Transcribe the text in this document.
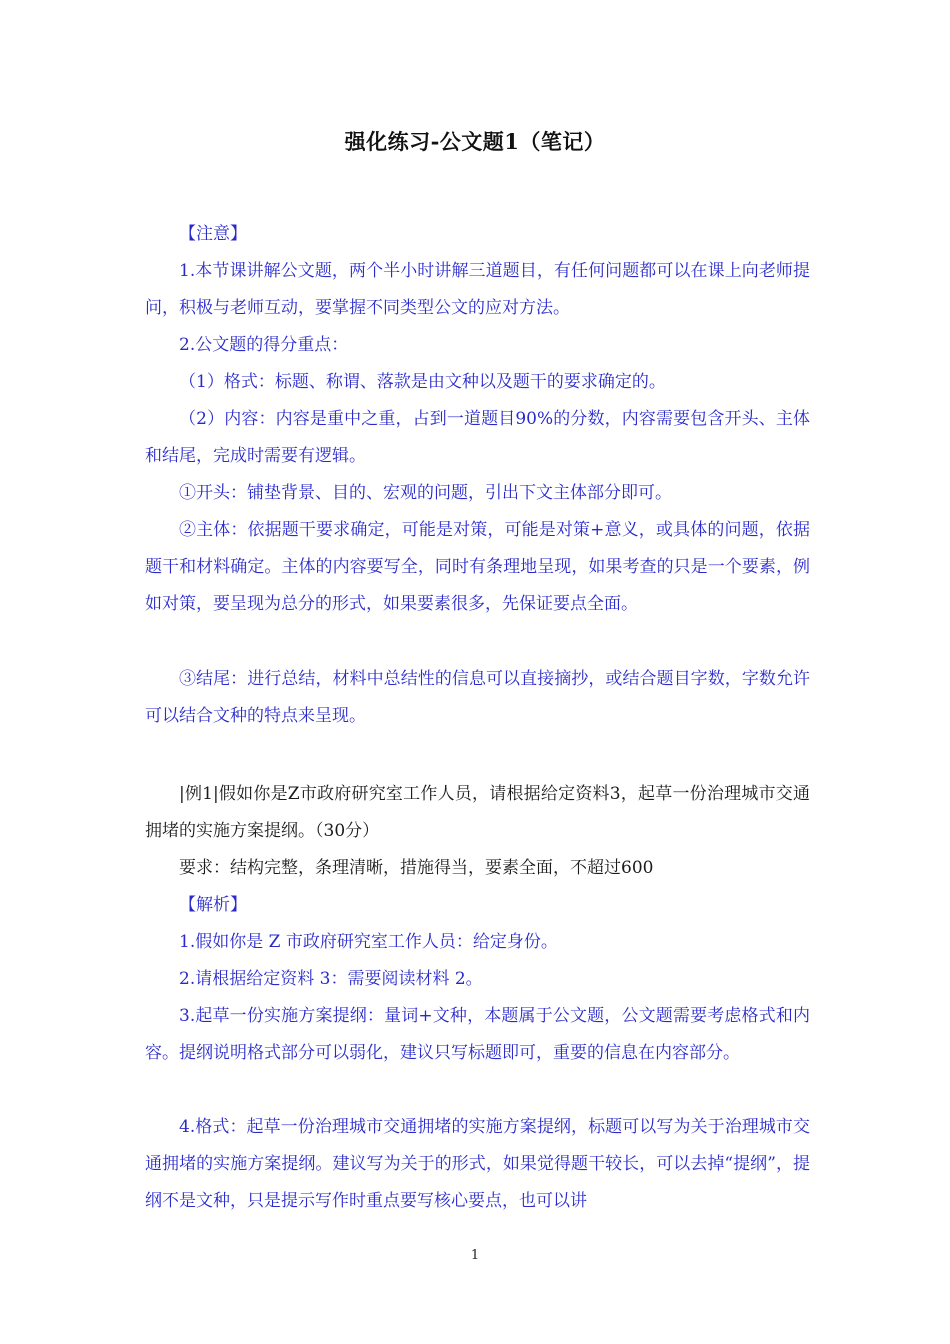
强化练习-公文题1（笔记）
【注意】
1.本节课讲解公文题，两个半小时讲解三道题目，有任何问题都可以在课上向老师提问，积极与老师互动，要掌握不同类型公文的应对方法。
2.公文题的得分重点：
（1）格式：标题、称谓、落款是由文种以及题干的要求确定的。
（2）内容：内容是重中之重，占到一道题目90%的分数，内容需要包含开头、主体和结尾，完成时需要有逻辑。
①开头：铺垫背景、目的、宏观的问题，引出下文主体部分即可。
②主体：依据题干要求确定，可能是对策，可能是对策+意义，或具体的问题，依据题干和材料确定。主体的内容要写全，同时有条理地呈现，如果考查的只是一个要素，例如对策，要呈现为总分的形式，如果要素很多，先保证要点全面。
③结尾：进行总结，材料中总结性的信息可以直接摘抄，或结合题目字数，字数允许可以结合文种的特点来呈现。
|例1|假如你是Z市政府研究室工作人员，请根据给定资料3，起草一份治理城市交通拥堵的实施方案提纲。（30分）
要求：结构完整，条理清晰，措施得当，要素全面，不超过600
【解析】
1.假如你是 Z 市政府研究室工作人员：给定身份。
2.请根据给定资料 3：需要阅读材料 2。
3.起草一份实施方案提纲：量词+文种，本题属于公文题，公文题需要考虑格式和内容。提纲说明格式部分可以弱化，建议只写标题即可，重要的信息在内容部分。
4.格式：起草一份治理城市交通拥堵的实施方案提纲，标题可以写为关于治理城市交通拥堵的实施方案提纲。建议写为关于的形式，如果觉得题干较长，可以去掉“提纲”，提纲不是文种，只是提示写作时重点要写核心要点，也可以讲
1
